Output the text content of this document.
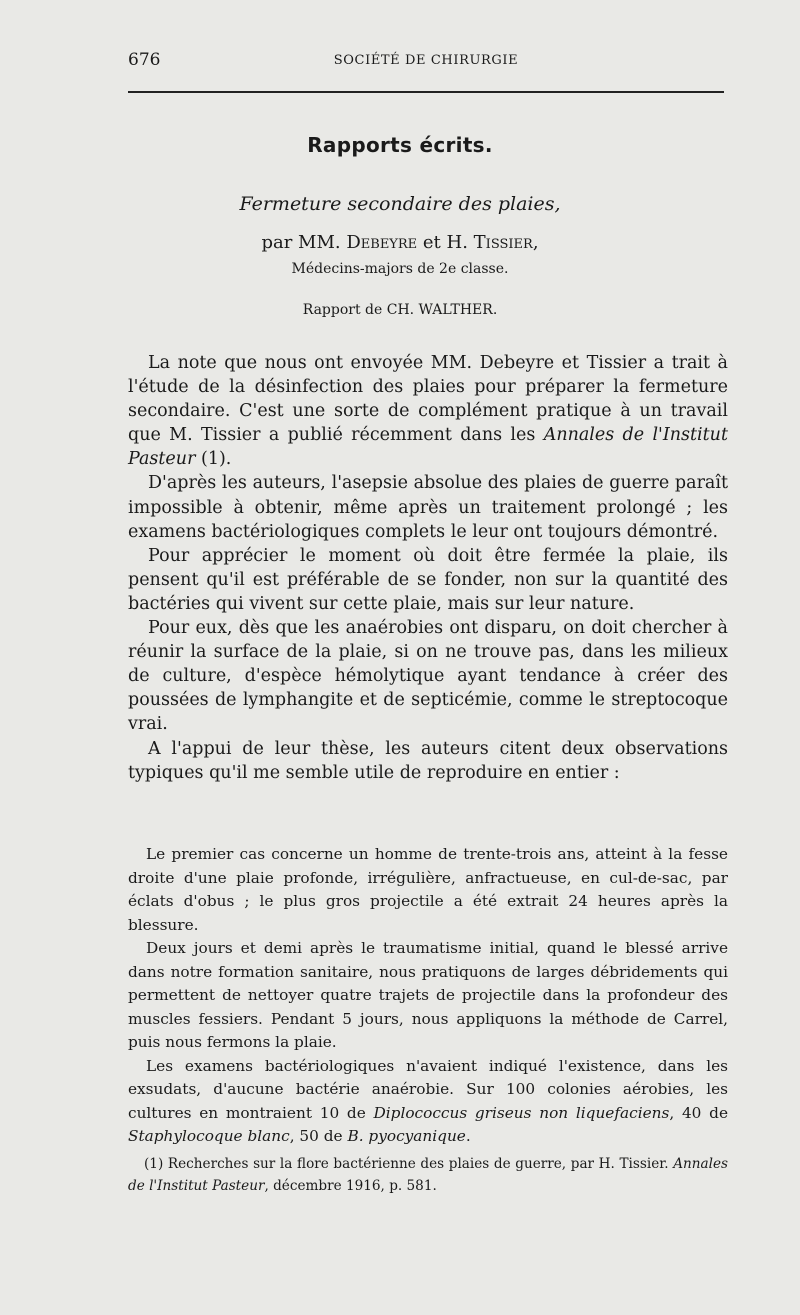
676	SOCIÉTÉ DE CHIRURGIE
Rapports écrits.
Fermeture secondaire des plaies,
par MM. Debeyre et H. Tissier,
Médecins-majors de 2e classe.
Rapport de CH. WALTHER.

La note que nous ont envoyée MM. Debeyre et Tissier a trait à l'étude de la désinfection des plaies pour préparer la fermeture secondaire. C'est une sorte de complément pratique à un travail que M. Tissier a publié récemment dans les Annales de l'Institut Pasteur (1).

D'après les auteurs, l'asepsie absolue des plaies de guerre paraît impossible à obtenir, même après un traitement prolongé ; les examens bactériologiques complets le leur ont toujours démontré.

Pour apprécier le moment où doit être fermée la plaie, ils pensent qu'il est préférable de se fonder, non sur la quantité des bactéries qui vivent sur cette plaie, mais sur leur nature.

Pour eux, dès que les anaérobies ont disparu, on doit chercher à réunir la surface de la plaie, si on ne trouve pas, dans les milieux de culture, d'espèce hémolytique ayant tendance à créer des poussées de lymphangite et de septicémie, comme le streptocoque vrai.

A l'appui de leur thèse, les auteurs citent deux observations typiques qu'il me semble utile de reproduire en entier :

Le premier cas concerne un homme de trente-trois ans, atteint à la fesse droite d'une plaie profonde, irrégulière, anfractueuse, en cul-de-sac, par éclats d'obus ; le plus gros projectile a été extrait 24 heures après la blessure.

Deux jours et demi après le traumatisme initial, quand le blessé arrive dans notre formation sanitaire, nous pratiquons de larges débridements qui permettent de nettoyer quatre trajets de projectile dans la profondeur des muscles fessiers. Pendant 5 jours, nous appliquons la méthode de Carrel, puis nous fermons la plaie.

Les examens bactériologiques n'avaient indiqué l'existence, dans les exsudats, d'aucune bactérie anaérobie. Sur 100 colonies aérobies, les cultures en montraient 10 de Diplococcus griseus non liquefaciens, 40 de Staphylocoque blanc, 50 de B. pyocyanique.

(1) Recherches sur la flore bactérienne des plaies de guerre, par H. Tissier. Annales de l'Institut Pasteur, décembre 1916, p. 581.
